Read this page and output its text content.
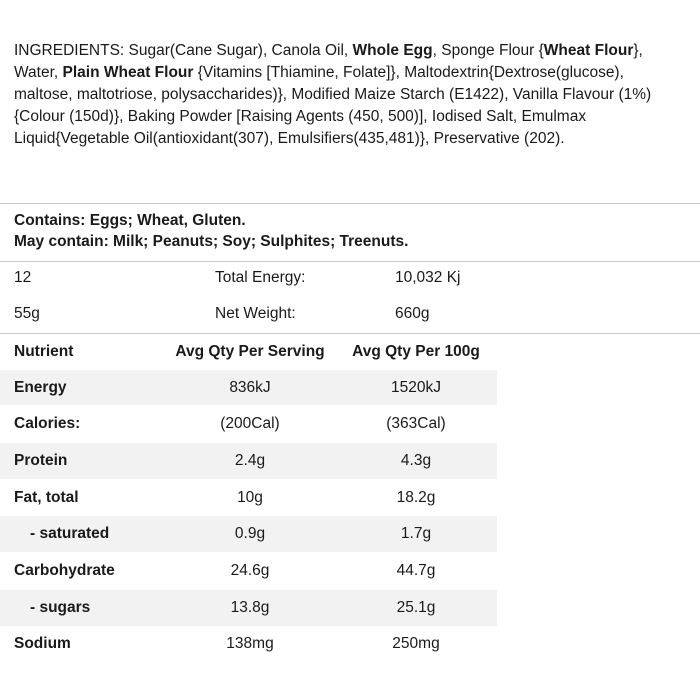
INGREDIENTS: Sugar(Cane Sugar), Canola Oil, Whole Egg, Sponge Flour {Wheat Flour}, Water, Plain Wheat Flour {Vitamins [Thiamine, Folate]}, Maltodextrin{Dextrose(glucose), maltose, maltotriose, polysaccharides)}, Modified Maize Starch (E1422), Vanilla Flavour (1%) {Colour (150d)}, Baking Powder [Raising Agents (450, 500)], Iodised Salt, Emulmax Liquid{Vegetable Oil(antioxidant(307), Emulsifiers(435,481)}, Preservative (202).

Contains: Eggs; Wheat, Gluten.
May contain: Milk; Peanuts; Soy; Sulphites; Treenuts.
12	Total Energy:	10,032 Kj
55g	Net Weight:	660g
Nutrient	Avg Qty Per Serving	Avg Qty Per 100g
Energy	836kJ	1520kJ
Calories:	(200Cal)	(363Cal)
Protein	2.4g	4.3g
Fat, total	10g	18.2g
- saturated	0.9g	1.7g
Carbohydrate	24.6g	44.7g
- sugars	13.8g	25.1g
Sodium	138mg	250mg
